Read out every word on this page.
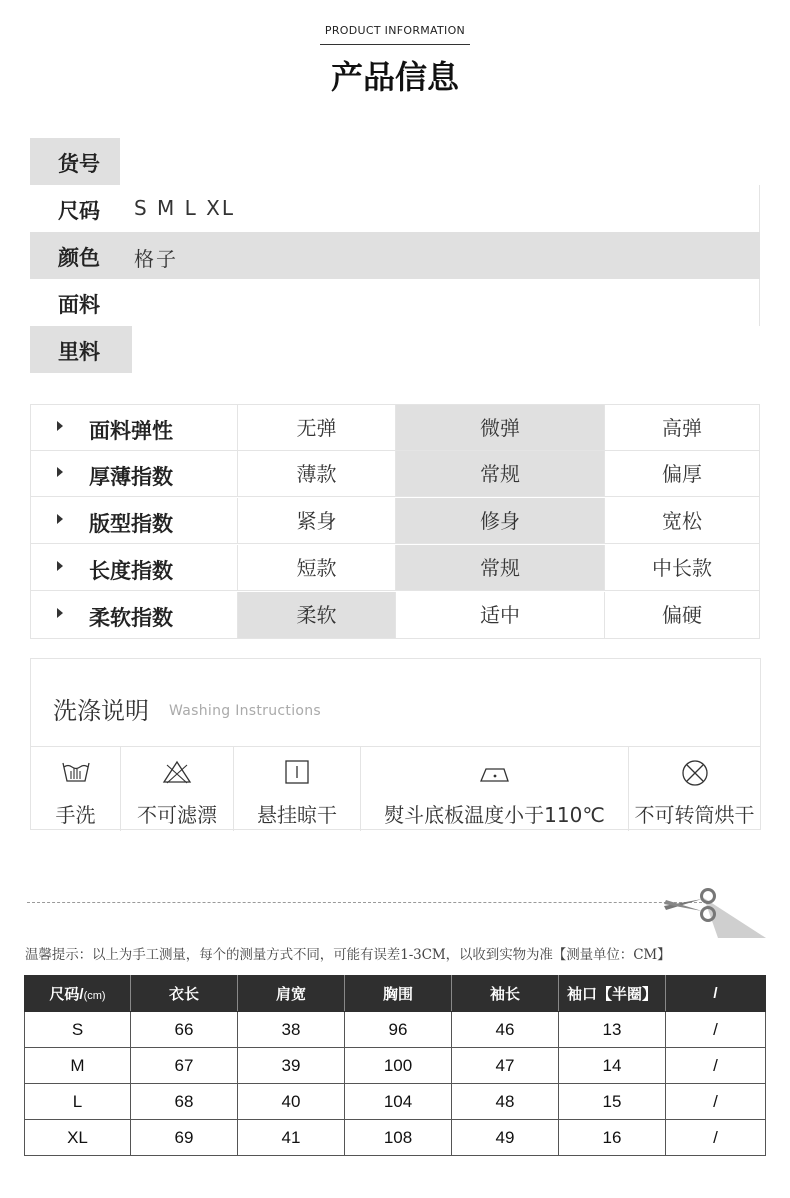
PRODUCT INFORMATION
产品信息
货号
尺码 S M L XL
颜色 格子
面料
里料
面料弹性	无弹	微弹	高弹
厚薄指数	薄款	常规	偏厚
版型指数	紧身	修身	宽松
长度指数	短款	常规	中长款
柔软指数	柔软	适中	偏硬
洗涤说明 Washing Instructions
手洗	不可滤漂	悬挂晾干	熨斗底板温度小于110℃	不可转筒烘干
温馨提示：以上为手工测量，每个的测量方式不同，可能有误差1-3CM，以收到实物为准【测量单位：CM】
尺码/(cm)	衣长	肩宽	胸围	袖长	袖口【半圈】	/
S	66	38	96	46	13	/
M	67	39	100	47	14	/
L	68	40	104	48	15	/
XL	69	41	108	49	16	/
